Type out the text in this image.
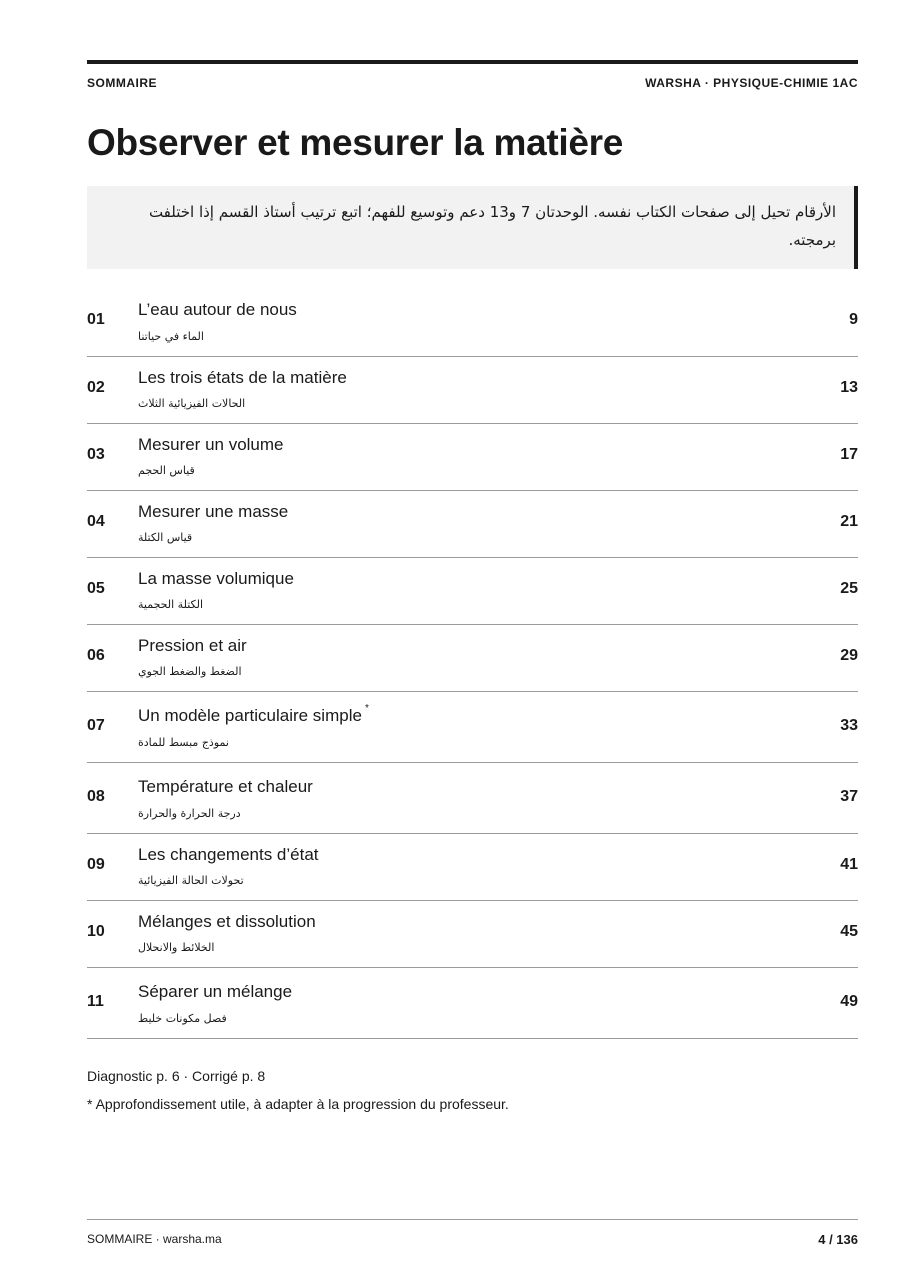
SOMMAIRE	WARSHA · PHYSIQUE-CHIMIE 1AC
Observer et mesurer la matière
الأرقام تحيل إلى صفحات الكتاب نفسه. الوحدتان 7 و13 دعم وتوسيع للفهم؛ اتبع ترتيب أستاذ القسم إذا اختلفت برمجته.
01
L’eau autour de nous
الماء في حياتنا
9
02
Les trois états de la matière
الحالات الفيزيائية الثلاث
13
03
Mesurer un volume
قياس الحجم
17
04
Mesurer une masse
قياس الكتلة
21
05
La masse volumique
الكتلة الحجمية
25
06
Pression et air
الضغط والضغط الجوي
29
07
Un modèle particulaire simple *
نموذج مبسط للمادة
33
08
Température et chaleur
درجة الحرارة والحرارة
37
09
Les changements d’état
تحولات الحالة الفيزيائية
41
10
Mélanges et dissolution
الخلائط والانحلال
45
11
Séparer un mélange
فصل مكونات خليط
49
Diagnostic p. 6 · Corrigé p. 8
* Approfondissement utile, à adapter à la progression du professeur.
SOMMAIRE · warsha.ma	4 / 136
